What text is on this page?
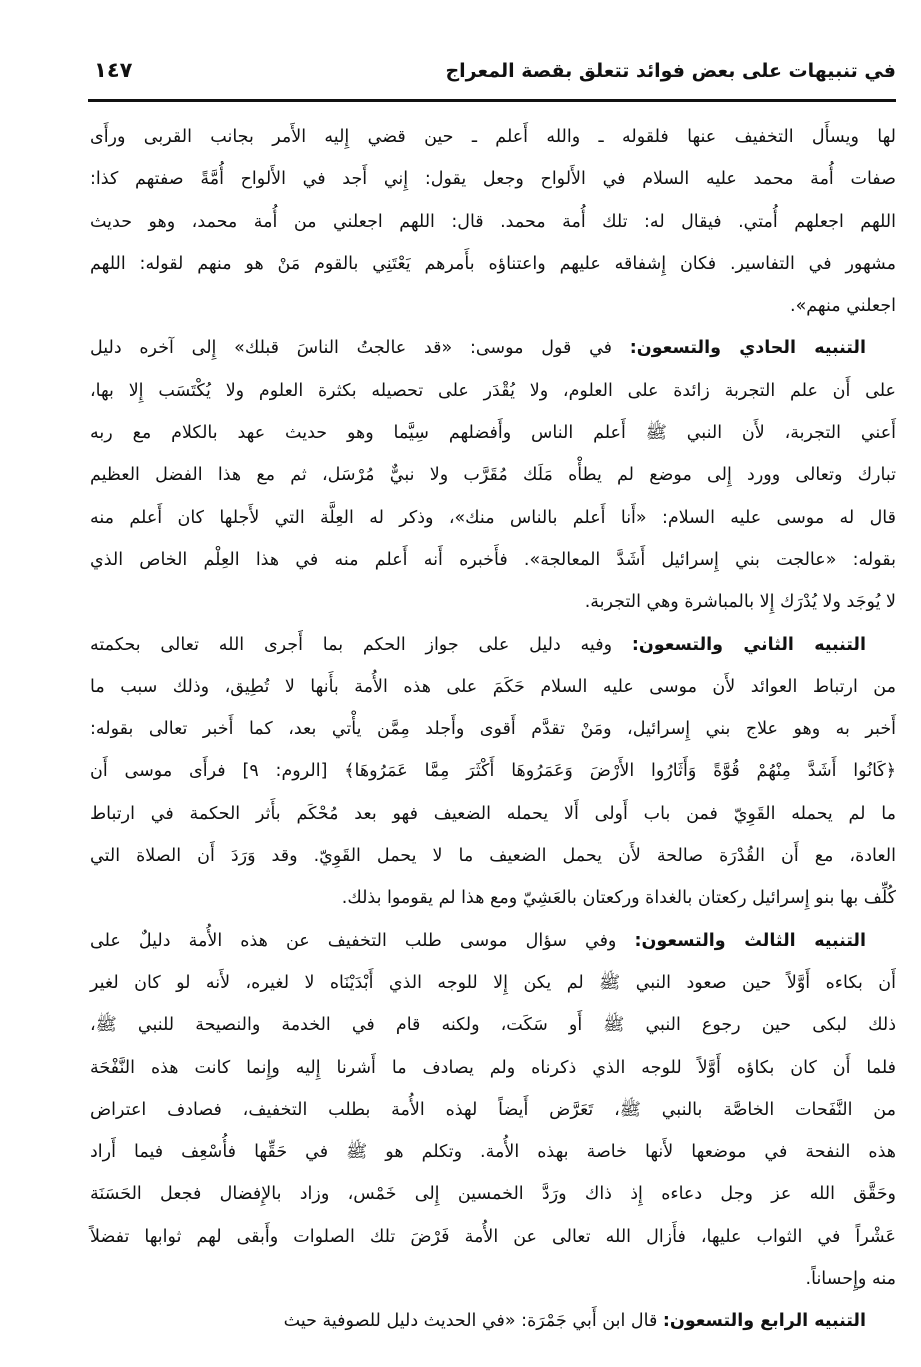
في تنبيهات على بعض فوائد تتعلق بقصة المعراج
١٤٧
لها ويسأَل التخفيف عنها فلقوله ـ والله أَعلم ـ حين قضي إِليه الأَمر بجانب القربى ورأَى
صفات أُمة محمد عليه السلام في الأَلواح وجعل يقول: إِني أَجد في الأَلواح أُمَّةً صفتهم كذا:
اللهم اجعلهم أُمتي. فيقال له: تلك أُمة محمد. قال: اللهم اجعلني من أُمة محمد، وهو حديث
مشهور في التفاسير. فكان إِشفاقه عليهم واعتناؤه بأَمرهم يَعْتَنِي بالقوم مَنْ هو منهم لقوله: اللهم
اجعلني منهم».
التنبيه الحادي والتسعون: في قول موسى: «قد عالجتُ الناسَ قبلك» إِلى آخره دليل
على أَن علم التجربة زائدة على العلوم، ولا يُقْدَر على تحصيله بكثرة العلوم ولا يُكْتَسَب إِلا بها،
أَعني التجربة، لأَن النبي ﷺ أَعلم الناس وأَفضلهم سِيَّما وهو حديث عهد بالكلام مع ربه
تبارك وتعالى وورد إِلى موضع لم يطأْه مَلَك مُقَرَّب ولا نبيٌّ مُرْسَل، ثم مع هذا الفضل العظيم
قال له موسى عليه السلام: «أَنا أَعلم بالناس منك»، وذكر له العِلَّة التي لأَجلها كان أَعلم منه
بقوله: «عالجت بني إِسرائيل أَشَدَّ المعالجة». فأَخبره أَنه أَعلم منه في هذا العِلْم الخاص الذي
لا يُوجَد ولا يُدْرَك إِلا بالمباشرة وهي التجربة.
التنبيه الثاني والتسعون: وفيه دليل على جواز الحكم بما أَجرى الله تعالى بحكمته
من ارتباط العوائد لأَن موسى عليه السلام حَكَمَ على هذه الأُمة بأَنها لا تُطِيق، وذلك سبب ما
أَخبر به وهو علاج بني إِسرائيل، ومَنْ تقدَّم أَقوى وأَجلد مِمَّن يأْتي بعد، كما أَخبر تعالى بقوله:
﴿كَانُوا أَشَدَّ مِنْهُمْ قُوَّةً وَأَثَارُوا الأَرْضَ وَعَمَرُوهَا أَكْثَرَ مِمَّا عَمَرُوهَا﴾ [الروم: ٩] فرأَى موسى أَن
ما لم يحمله القَوِيّ فمن باب أَولى أَلا يحمله الضعيف فهو بعد مُحْكَم بأَثر الحكمة في ارتباط
العادة، مع أَن القُدْرَة صالحة لأَن يحمل الضعيف ما لا يحمل القَوِيّ. وقد وَرَدَ أَن الصلاة التي
كُلِّف بها بنو إِسرائيل ركعتان بالغداة وركعتان بالعَشِيّ ومع هذا لم يقوموا بذلك.
التنبيه الثالث والتسعون: وفي سؤال موسى طلب التخفيف عن هذه الأُمة دليلٌ على
أَن بكاءه أَوَّلاً حين صعود النبي ﷺ لم يكن إِلا للوجه الذي أَبْدَيْنَاه لا لغيره، لأَنه لو كان لغير
ذلك لبكى حين رجوع النبي ﷺ أَو سَكَت، ولكنه قام في الخدمة والنصيحة للنبي ﷺ،
فلما أَن كان بكاؤه أَوَّلاً للوجه الذي ذكرناه ولم يصادف ما أَشرنا إِليه وإِنما كانت هذه النَّفْحَة
من النَّفَحات الخاصَّة بالنبي ﷺ، تَعَرَّض أَيضاً لهذه الأُمة بطلب التخفيف، فصادف اعتراض
هذه النفحة في موضعها لأَنها خاصة بهذه الأُمة. وتكلم هو ﷺ في حَقِّها فأُسْعِف فيما أَراد
وحَقَّق الله عز وجل دعاءه إِذ ذاك ورَدَّ الخمسين إِلى خَمْس، وزاد بالإِفضال فجعل الحَسَنَة
عَشْراً في الثواب عليها، فأَزال الله تعالى عن الأُمة فَرْضَ تلك الصلوات وأَبقى لهم ثوابها تفضلاً
منه وإِحساناً.
التنبيه الرابع والتسعون: قال ابن أَبي جَمْرَة: «في الحديث دليل للصوفية حيث
